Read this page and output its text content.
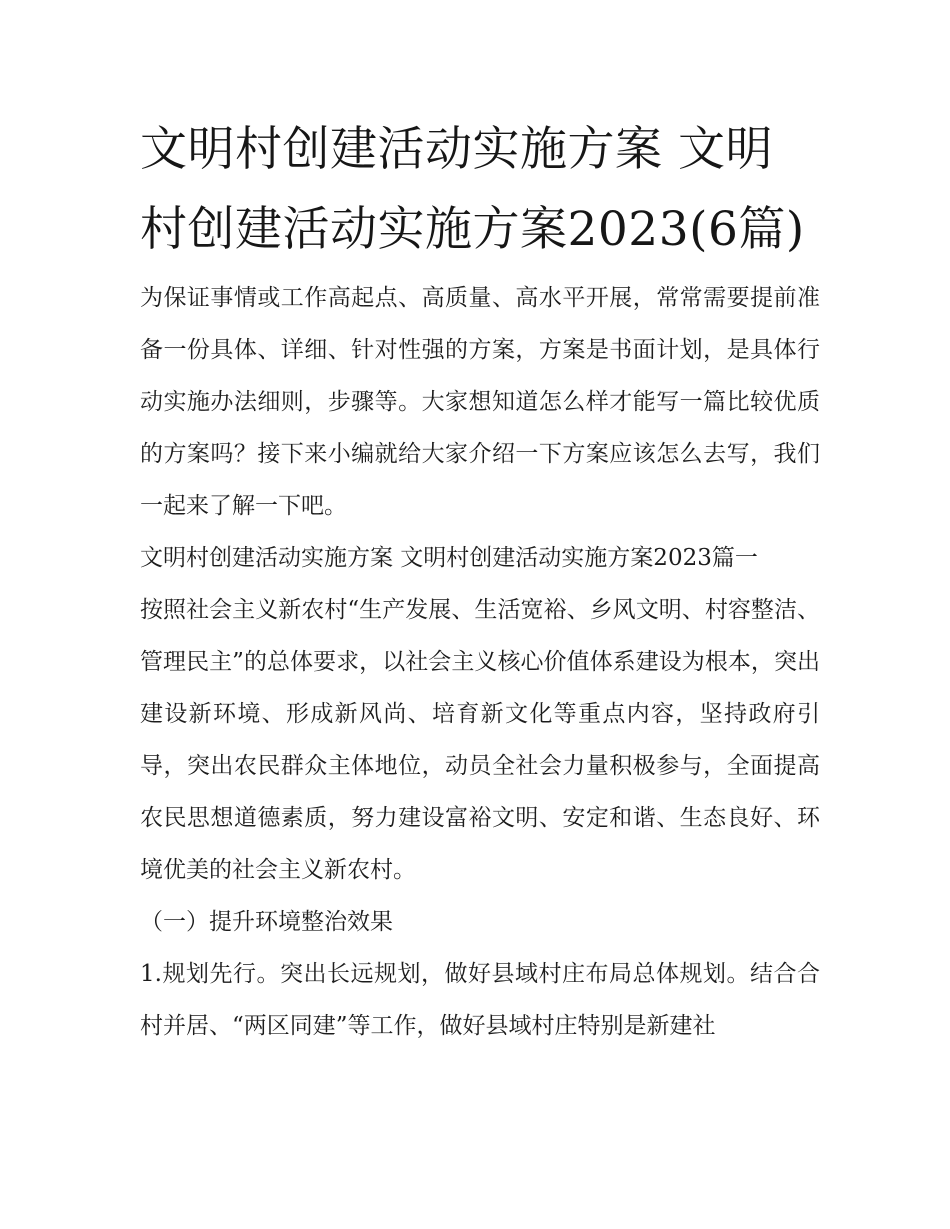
文明村创建活动实施方案 文明村创建活动实施方案2023(6篇)

为保证事情或工作高起点、高质量、高水平开展，常常需要提前准备一份具体、详细、针对性强的方案，方案是书面计划，是具体行动实施办法细则，步骤等。大家想知道怎么样才能写一篇比较优质的方案吗？接下来小编就给大家介绍一下方案应该怎么去写，我们一起来了解一下吧。

文明村创建活动实施方案 文明村创建活动实施方案2023篇一

按照社会主义新农村“生产发展、生活宽裕、乡风文明、村容整洁、管理民主”的总体要求，以社会主义核心价值体系建设为根本，突出建设新环境、形成新风尚、培育新文化等重点内容，坚持政府引导，突出农民群众主体地位，动员全社会力量积极参与，全面提高农民思想道德素质，努力建设富裕文明、安定和谐、生态良好、环境优美的社会主义新农村。

（一）提升环境整治效果

1.规划先行。突出长远规划，做好县域村庄布局总体规划。结合合村并居、“两区同建”等工作，做好县域村庄特别是新建社
